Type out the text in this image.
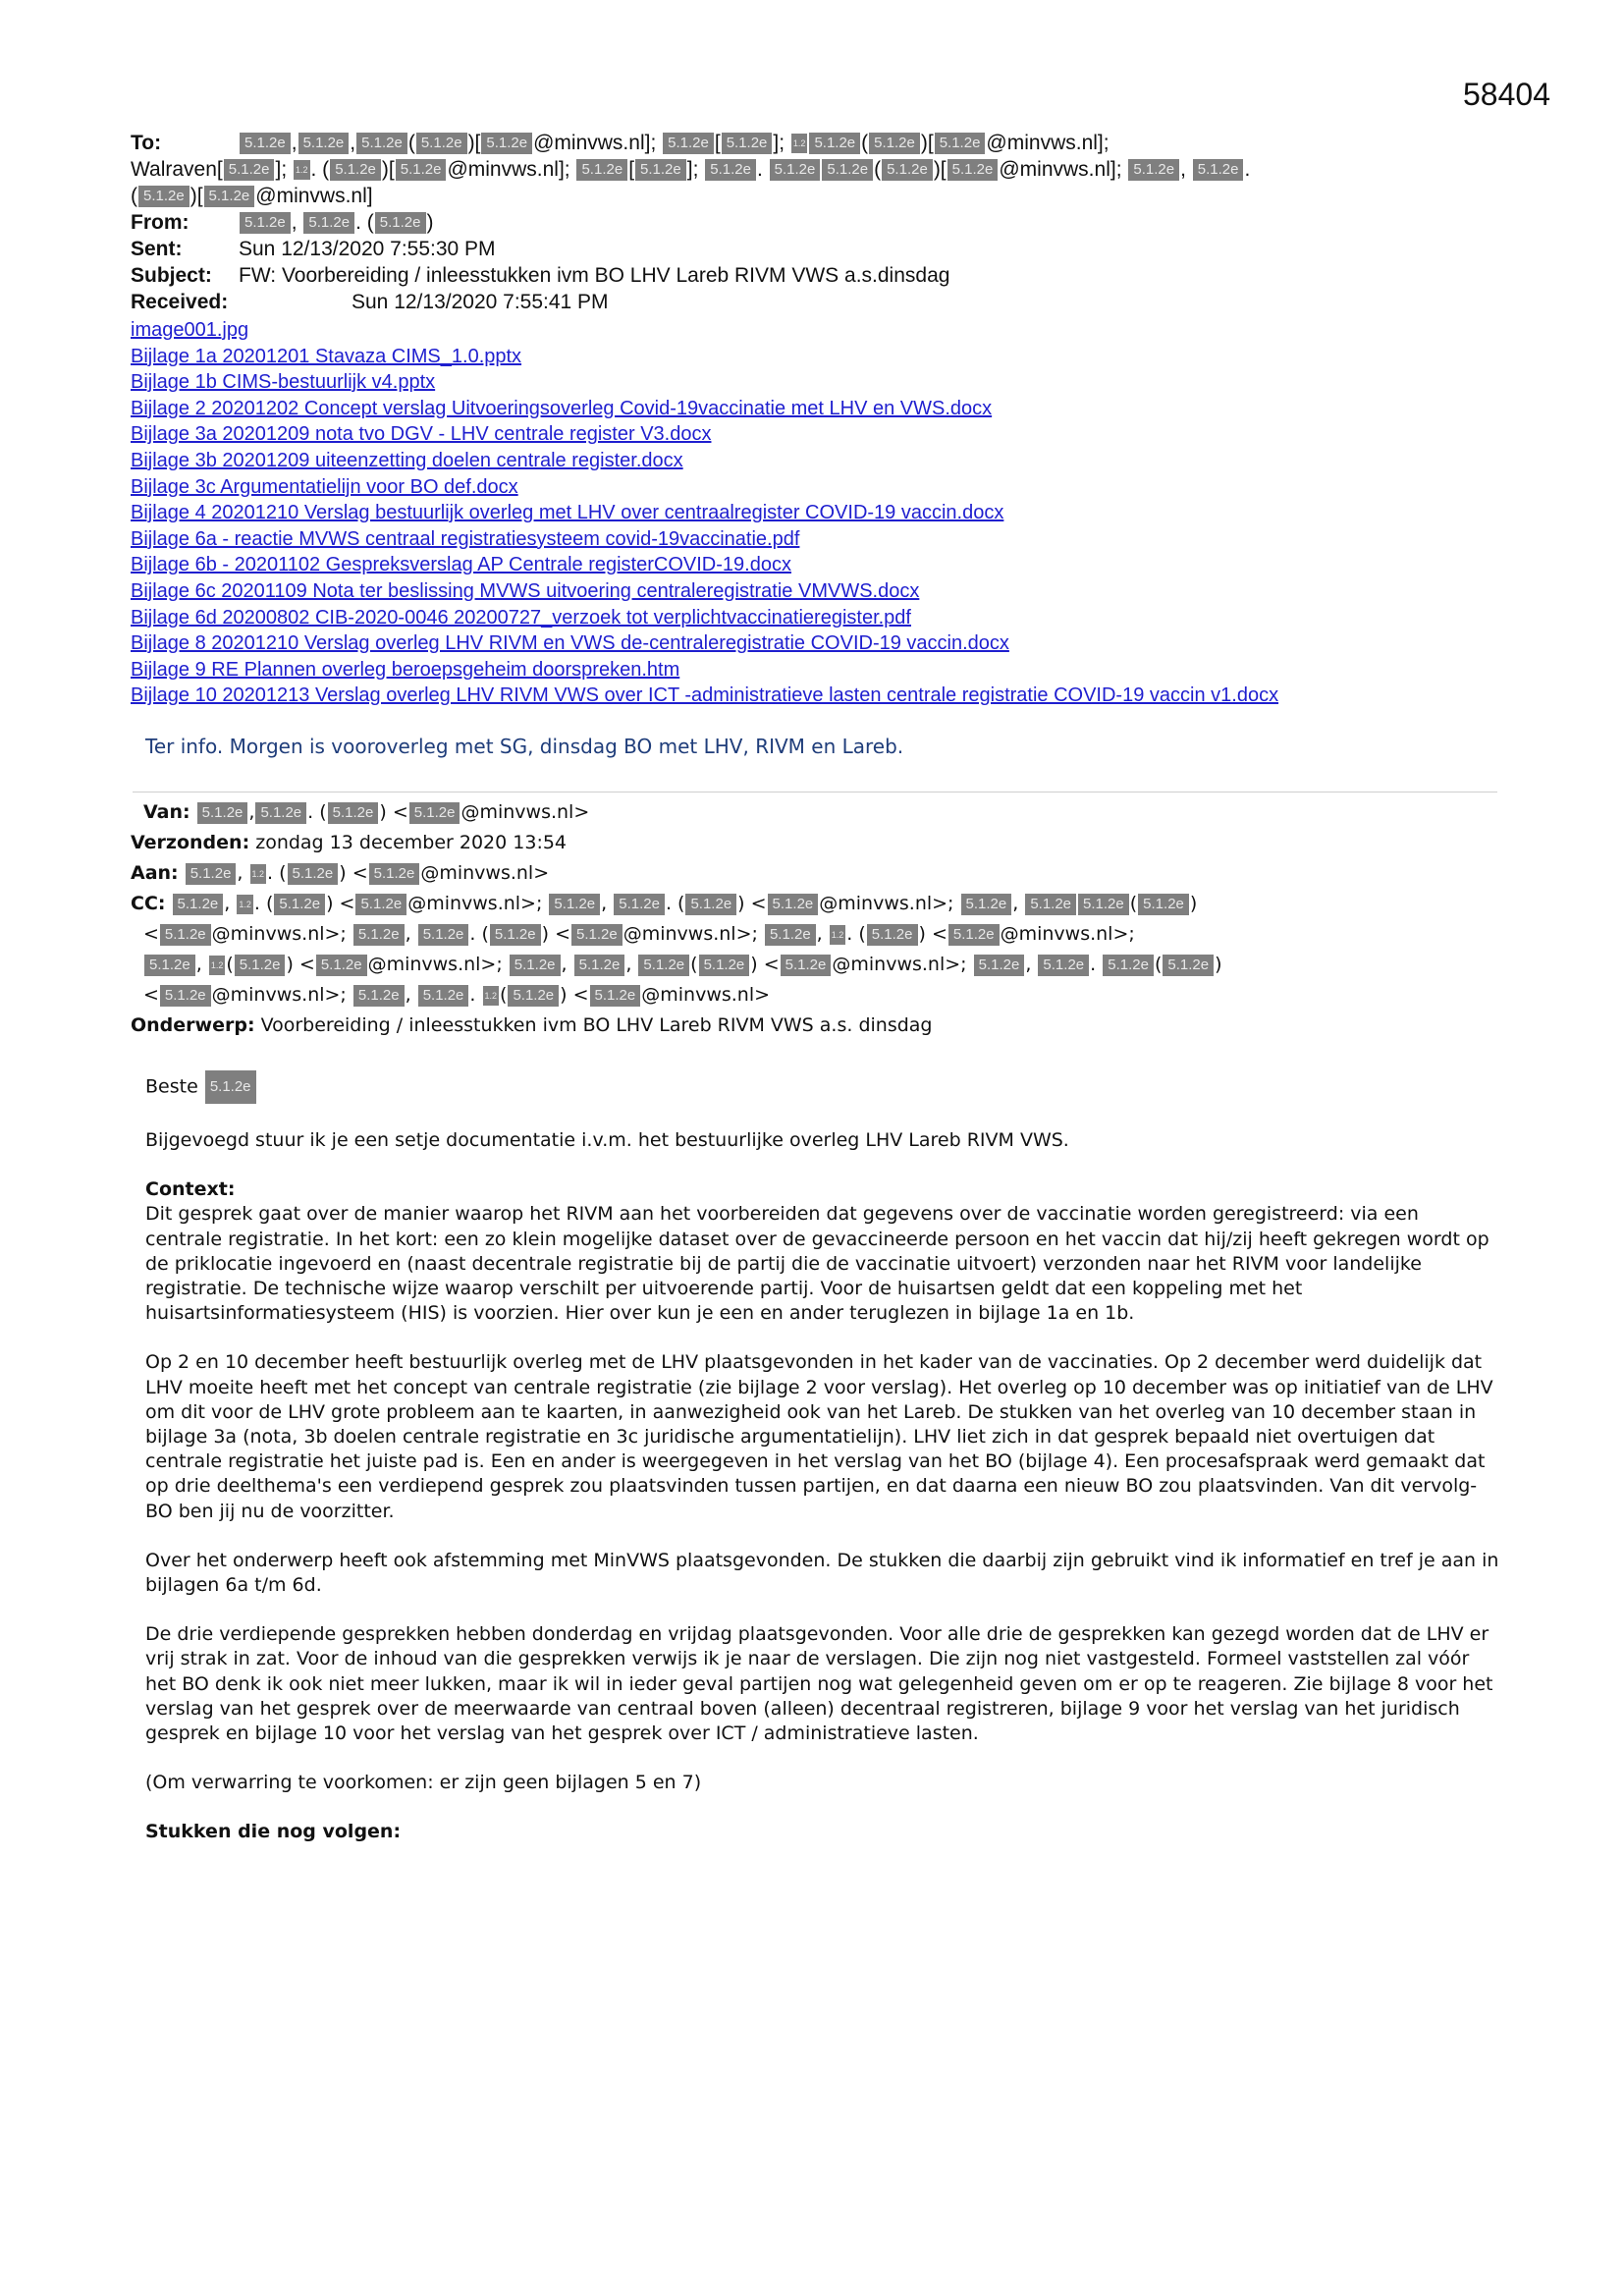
58404
To:	5.1.2e , 5.1.2e , 5.1.2e ( 5.1.2e )[ 5.1.2e @minvws.nl]; 5.1.2e [ 5.1.2e ]; 1.2 5.1.2e ( 5.1.2e )[ 5.1.2e @minvws.nl];
Walraven[ 5.1.2e ]; 1.2 . ( 5.1.2e )[ 5.1.2e @minvws.nl]; 5.1.2e [ 5.1.2e ]; 5.1.2e . 5.1.2e 5.1.2e ( 5.1.2e )[ 5.1.2e @minvws.nl]; 5.1.2e , 5.1.2e .
( 5.1.2e )[ 5.1.2e @minvws.nl]
From:	5.1.2e , 5.1.2e . ( 5.1.2e )
Sent:	Sun 12/13/2020 7:55:30 PM
Subject: FW: Voorbereiding / inleesstukken ivm BO LHV Lareb RIVM VWS a.s.dinsdag
Received:	Sun 12/13/2020 7:55:41 PM
image001.jpg
Bijlage 1a 20201201 Stavaza CIMS_1.0.pptx
Bijlage 1b CIMS-bestuurlijk v4.pptx
Bijlage 2 20201202 Concept verslag Uitvoeringsoverleg Covid-19vaccinatie met LHV en VWS.docx
Bijlage 3a 20201209 nota tvo DGV - LHV centrale register V3.docx
Bijlage 3b 20201209 uiteenzetting doelen centrale register.docx
Bijlage 3c Argumentatielijn voor BO def.docx
Bijlage 4 20201210 Verslag bestuurlijk overleg met LHV over centraalregister COVID-19 vaccin.docx
Bijlage 6a - reactie MVWS centraal registratiesysteem covid-19vaccinatie.pdf
Bijlage 6b - 20201102 Gespreksverslag AP Centrale registerCOVID-19.docx
Bijlage 6c 20201109 Nota ter beslissing MVWS uitvoering centraleregistratie VMVWS.docx
Bijlage 6d 20200802 CIB-2020-0046 20200727_verzoek tot verplichtvaccinatieregister.pdf
Bijlage 8 20201210 Verslag overleg LHV RIVM en VWS de-centraleregistratie COVID-19 vaccin.docx
Bijlage 9 RE Plannen overleg beroepsgeheim doorspreken.htm
Bijlage 10 20201213 Verslag overleg LHV RIVM VWS over ICT -administratieve lasten centrale registratie COVID-19 vaccin v1.docx
Ter info. Morgen is vooroverleg met SG, dinsdag BO met LHV, RIVM en Lareb.
Van: 5.1.2e , 5.1.2e . ( 5.1.2e ) < 5.1.2e @minvws.nl>
Verzonden: zondag 13 december 2020 13:54
Aan: 5.1.2e , 1.2 . ( 5.1.2e ) < 5.1.2e @minvws.nl>
CC: 5.1.2e , 1.2 . ( 5.1.2e ) < 5.1.2e @minvws.nl>; 5.1.2e , 5.1.2e . ( 5.1.2e ) < 5.1.2e @minvws.nl>; 5.1.2e , 5.1.2e 5.1.2e ( 5.1.2e )
< 5.1.2e @minvws.nl>; 5.1.2e , 5.1.2e . ( 5.1.2e ) < 5.1.2e @minvws.nl>; 5.1.2e , 1.2 . ( 5.1.2e ) < 5.1.2e @minvws.nl>;
5.1.2e , 1.2 ( 5.1.2e ) < 5.1.2e @minvws.nl>; 5.1.2e , 5.1.2e , 5.1.2e ( 5.1.2e ) < 5.1.2e @minvws.nl>; 5.1.2e , 5.1.2e . 5.1.2e ( 5.1.2e )
< 5.1.2e @minvws.nl>; 5.1.2e , 5.1.2e . 1.2 ( 5.1.2e ) < 5.1.2e @minvws.nl>
Onderwerp: Voorbereiding / inleesstukken ivm BO LHV Lareb RIVM VWS a.s. dinsdag

Beste 5.1.2e

Bijgevoegd stuur ik je een setje documentatie i.v.m. het bestuurlijke overleg LHV Lareb RIVM VWS.

Context:

Dit gesprek gaat over de manier waarop het RIVM aan het voorbereiden dat gegevens over de vaccinatie worden geregistreerd: via een centrale registratie. In het kort: een zo klein mogelijke dataset over de gevaccineerde persoon en het vaccin dat hij/zij heeft gekregen wordt op de priklocatie ingevoerd en (naast decentrale registratie bij de partij die de vaccinatie uitvoert) verzonden naar het RIVM voor landelijke registratie. De technische wijze waarop verschilt per uitvoerende partij. Voor de huisartsen geldt dat een koppeling met het huisartsinformatiesysteem (HIS) is voorzien. Hier over kun je een en ander teruglezen in bijlage 1a en 1b.

Op 2 en 10 december heeft bestuurlijk overleg met de LHV plaatsgevonden in het kader van de vaccinaties. Op 2 december werd duidelijk dat LHV moeite heeft met het concept van centrale registratie (zie bijlage 2 voor verslag). Het overleg op 10 december was op initiatief van de LHV om dit voor de LHV grote probleem aan te kaarten, in aanwezigheid ook van het Lareb. De stukken van het overleg van 10 december staan in bijlage 3a (nota, 3b doelen centrale registratie en 3c juridische argumentatielijn). LHV liet zich in dat gesprek bepaald niet overtuigen dat centrale registratie het juiste pad is. Een en ander is weergegeven in het verslag van het BO (bijlage 4). Een procesafspraak werd gemaakt dat op drie deelthema's een verdiepend gesprek zou plaatsvinden tussen partijen, en dat daarna een nieuw BO zou plaatsvinden. Van dit vervolg-BO ben jij nu de voorzitter.

Over het onderwerp heeft ook afstemming met MinVWS plaatsgevonden. De stukken die daarbij zijn gebruikt vind ik informatief en tref je aan in bijlagen 6a t/m 6d.

De drie verdiepende gesprekken hebben donderdag en vrijdag plaatsgevonden. Voor alle drie de gesprekken kan gezegd worden dat de LHV er vrij strak in zat. Voor de inhoud van die gesprekken verwijs ik je naar de verslagen. Die zijn nog niet vastgesteld. Formeel vaststellen zal vóór het BO denk ik ook niet meer lukken, maar ik wil in ieder geval partijen nog wat gelegenheid geven om er op te reageren. Zie bijlage 8 voor het verslag van het gesprek over de meerwaarde van centraal boven (alleen) decentraal registreren, bijlage 9 voor het verslag van het juridisch gesprek en bijlage 10 voor het verslag van het gesprek over ICT / administratieve lasten.

(Om verwarring te voorkomen: er zijn geen bijlagen 5 en 7)

Stukken die nog volgen:
